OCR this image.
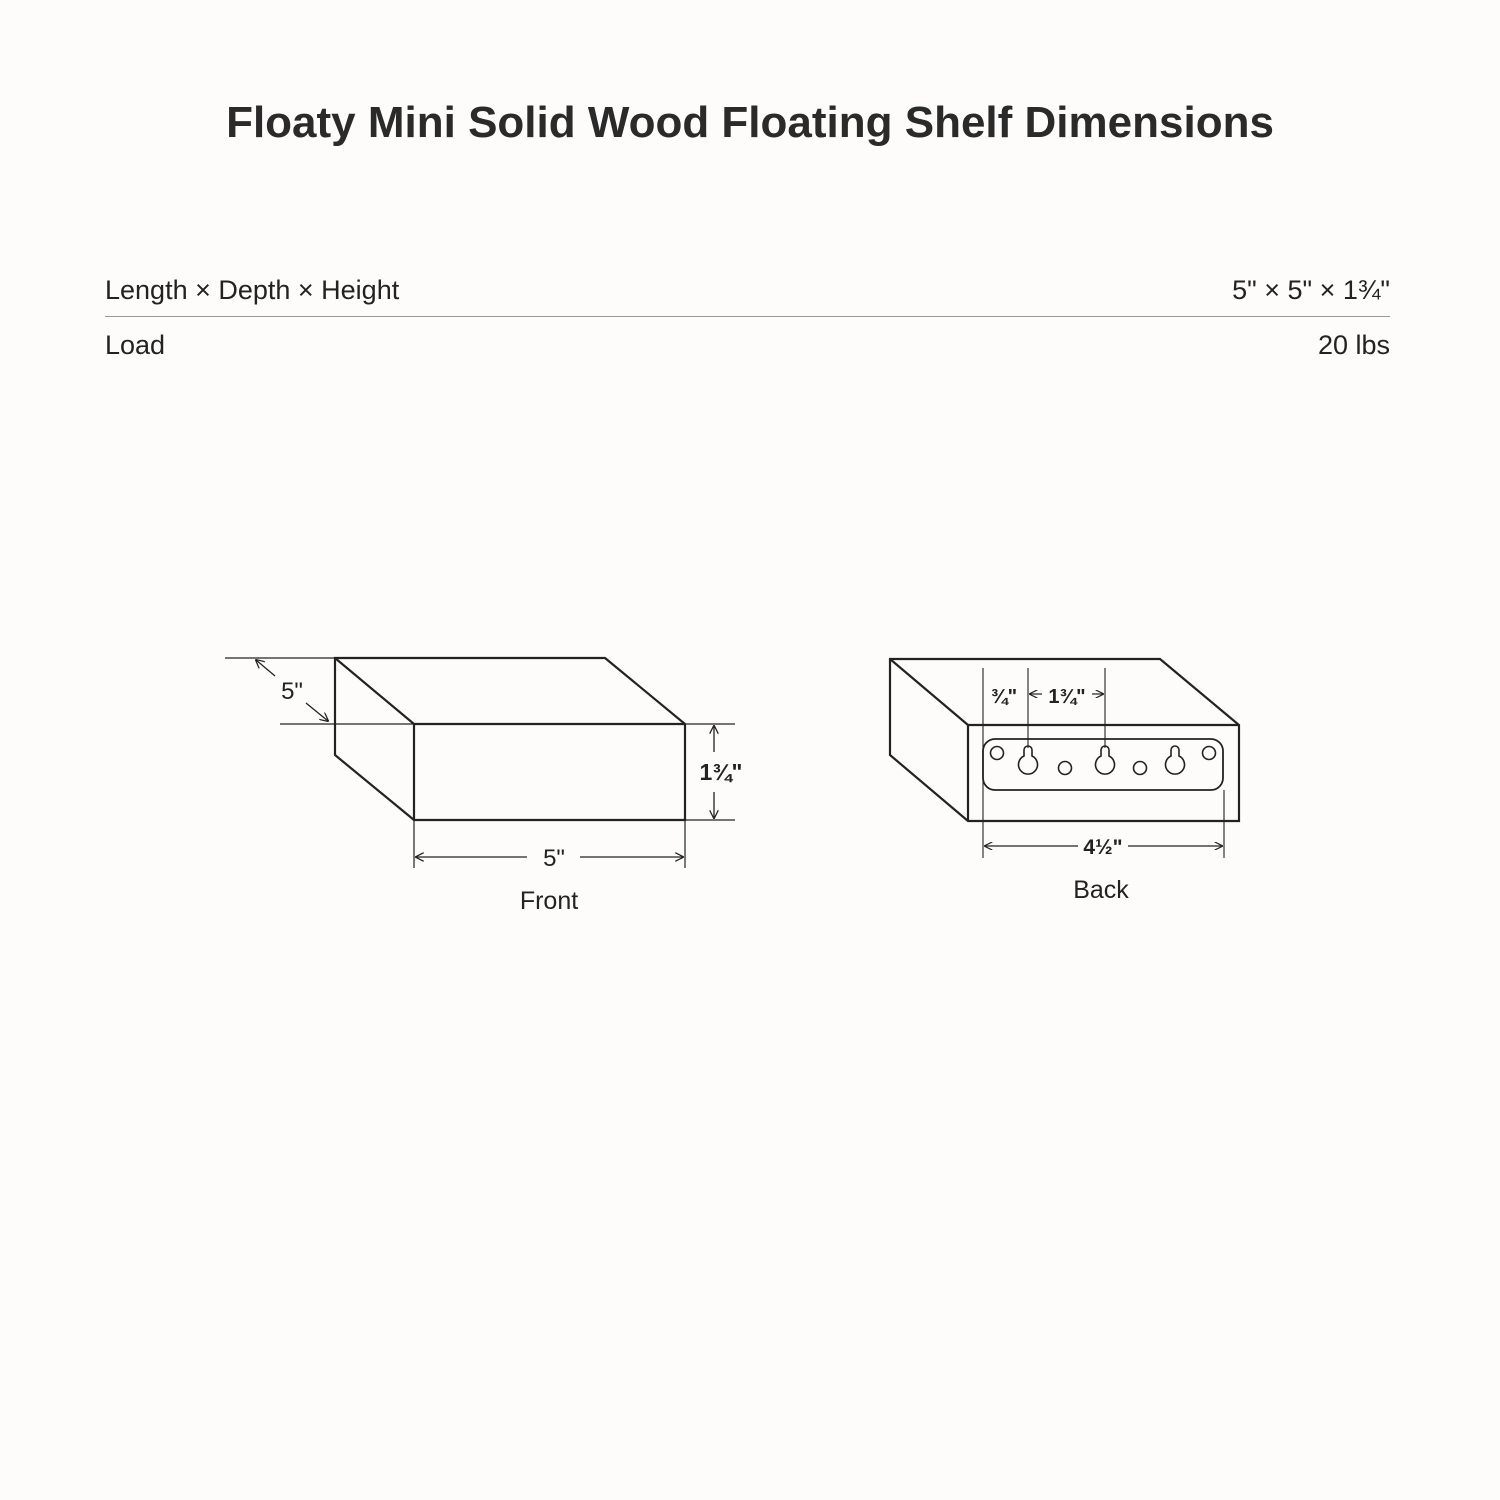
Floaty Mini Solid Wood Floating Shelf Dimensions
Length × Depth × Height	5" × 5" × 1¾"
Load	20 lbs
5"
1¾"
5"
¾" 1¾"
4½"
Front	Back
